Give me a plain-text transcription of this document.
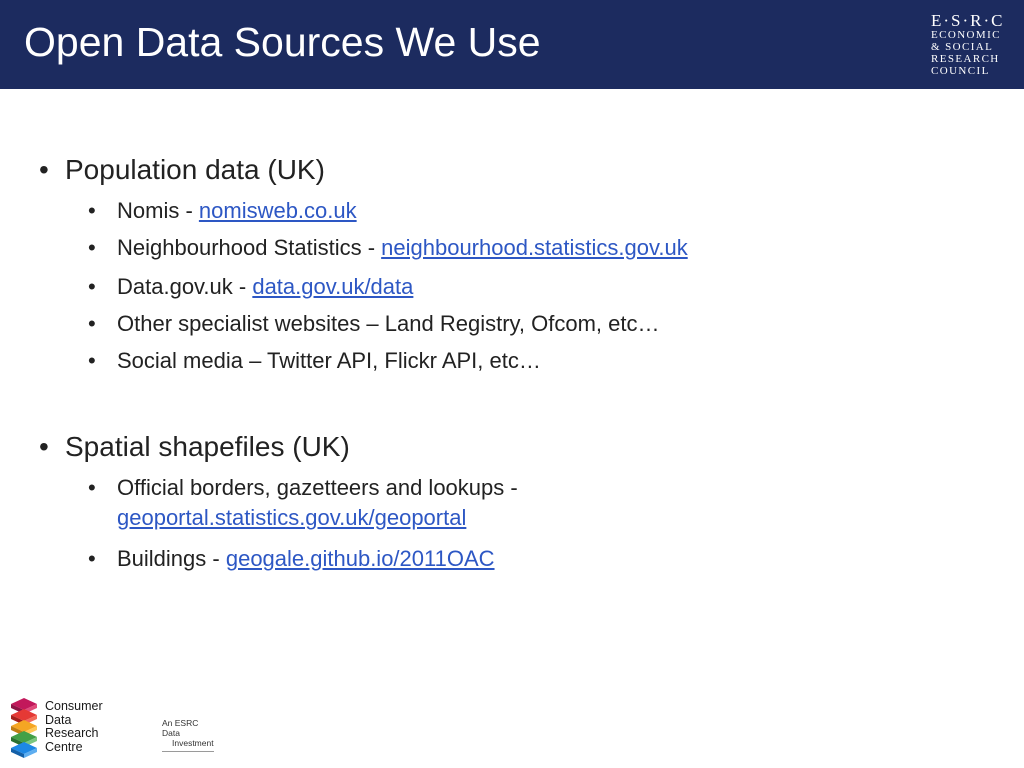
Open Data Sources We Use	E·S·R·C
ECONOMIC
& SOCIAL
RESEARCH
COUNCIL
• Population data (UK)
• Nomis - nomisweb.co.uk
• Neighbourhood Statistics - neighbourhood.statistics.gov.uk
• Data.gov.uk - data.gov.uk/data
• Other specialist websites – Land Registry, Ofcom, etc…
• Social media – Twitter API, Flickr API, etc…
• Spatial shapefiles (UK)
• Official borders, gazetteers and lookups -
geoportal.statistics.gov.uk/geoportal
• Buildings - geogale.github.io/2011OAC
Consumer
Data
Research
Centre
An ESRC Data
Investment
